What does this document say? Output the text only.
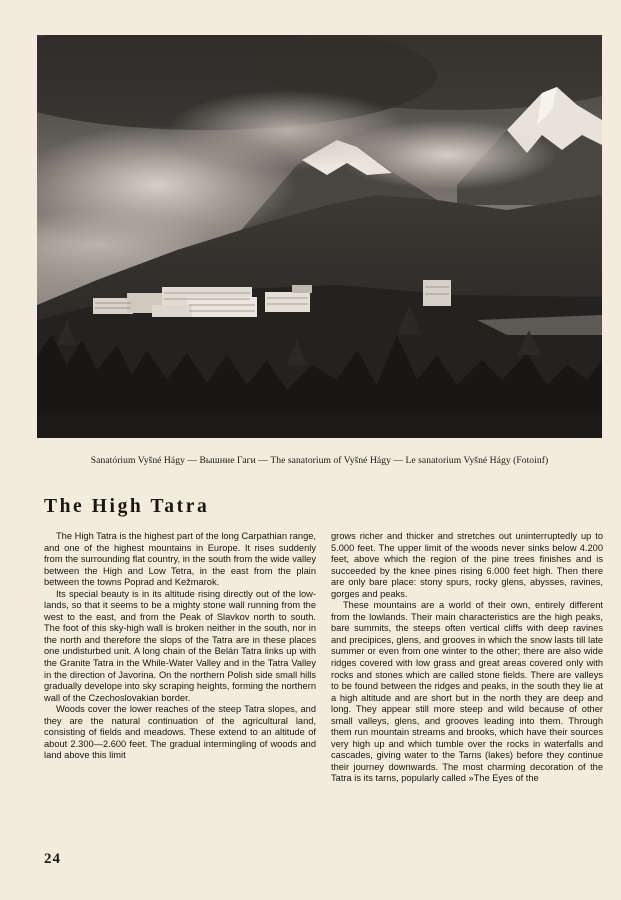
Sanatórium Vyšné Hágy — Вышние Гаги — The sanatorium of Vyšné Hágy — Le sanatorium Vyšné Hágy (Fotoinf)
The High Tatra

The High Tatra is the highest part of the long Carpathian range, and one of the highest mountains in Europe. It rises suddenly from the surrounding flat country, in the south from the wide valley between the High and Low Tetra, in the east from the plain between the towns Poprad and Kežmarok.

Its special beauty is in its altitude rising directly out of the low-lands, so that it seems to be a mighty stone wall running from the west to the east, and from the Peak of Slavkov north to south. The foot of this sky-high wall is broken neither in the south, nor in the north and therefore the slops of the Tatra are in these places one undisturbed unit. A long chain of the Belán Tatra links up with the Granite Tatra in the While-Water Valley and in the Tatra Valley in the direction of Javorina. On the northern Polish side small hills gradually develope into sky scraping heights, forming the northern wall of the Czechoslovakian border.

Woods cover the lower reaches of the steep Tatra slopes, and they are the natural continuation of the agricultural land, consisting of fields and meadows. These extend to an altitude of about 2.300—2.600 feet. The gradual intermingling of woods and land above this limit

grows richer and thicker and stretches out uninterruptedly up to 5.000 feet. The upper limit of the woods never sinks below 4.200 feet, above which the region of the pine trees finishes and is succeeded by the knee pines rising 6.000 feet high. Then there are only bare place: stony spurs, rocky glens, abysses, ravines, gorges and peaks.

These mountains are a world of their own, entirely different from the lowlands. Their main characteristics are the high peaks, bare summits, the steeps often vertical cliffs with deep ravines and precipices, glens, and grooves in which the snow lasts till late summer or even from one winter to the other; there are also wide ridges covered with low grass and great areas covered only with rocks and stones which are called stone fields. There are valleys to be found between the ridges and peaks, in the south they lie at a high altitude and are short but in the north they are deep and long. They appear still more steep and wild because of other small valleys, glens, and grooves leading into them. Through them run mountain streams and brooks, which have their sources very high up and which tumble over the rocks in waterfalls and cascades, giving water to the Tarns (lakes) before they continue their journey downwards. The most charming decoration of the Tatra is its tarns, popularly called »The Eyes of the

24
